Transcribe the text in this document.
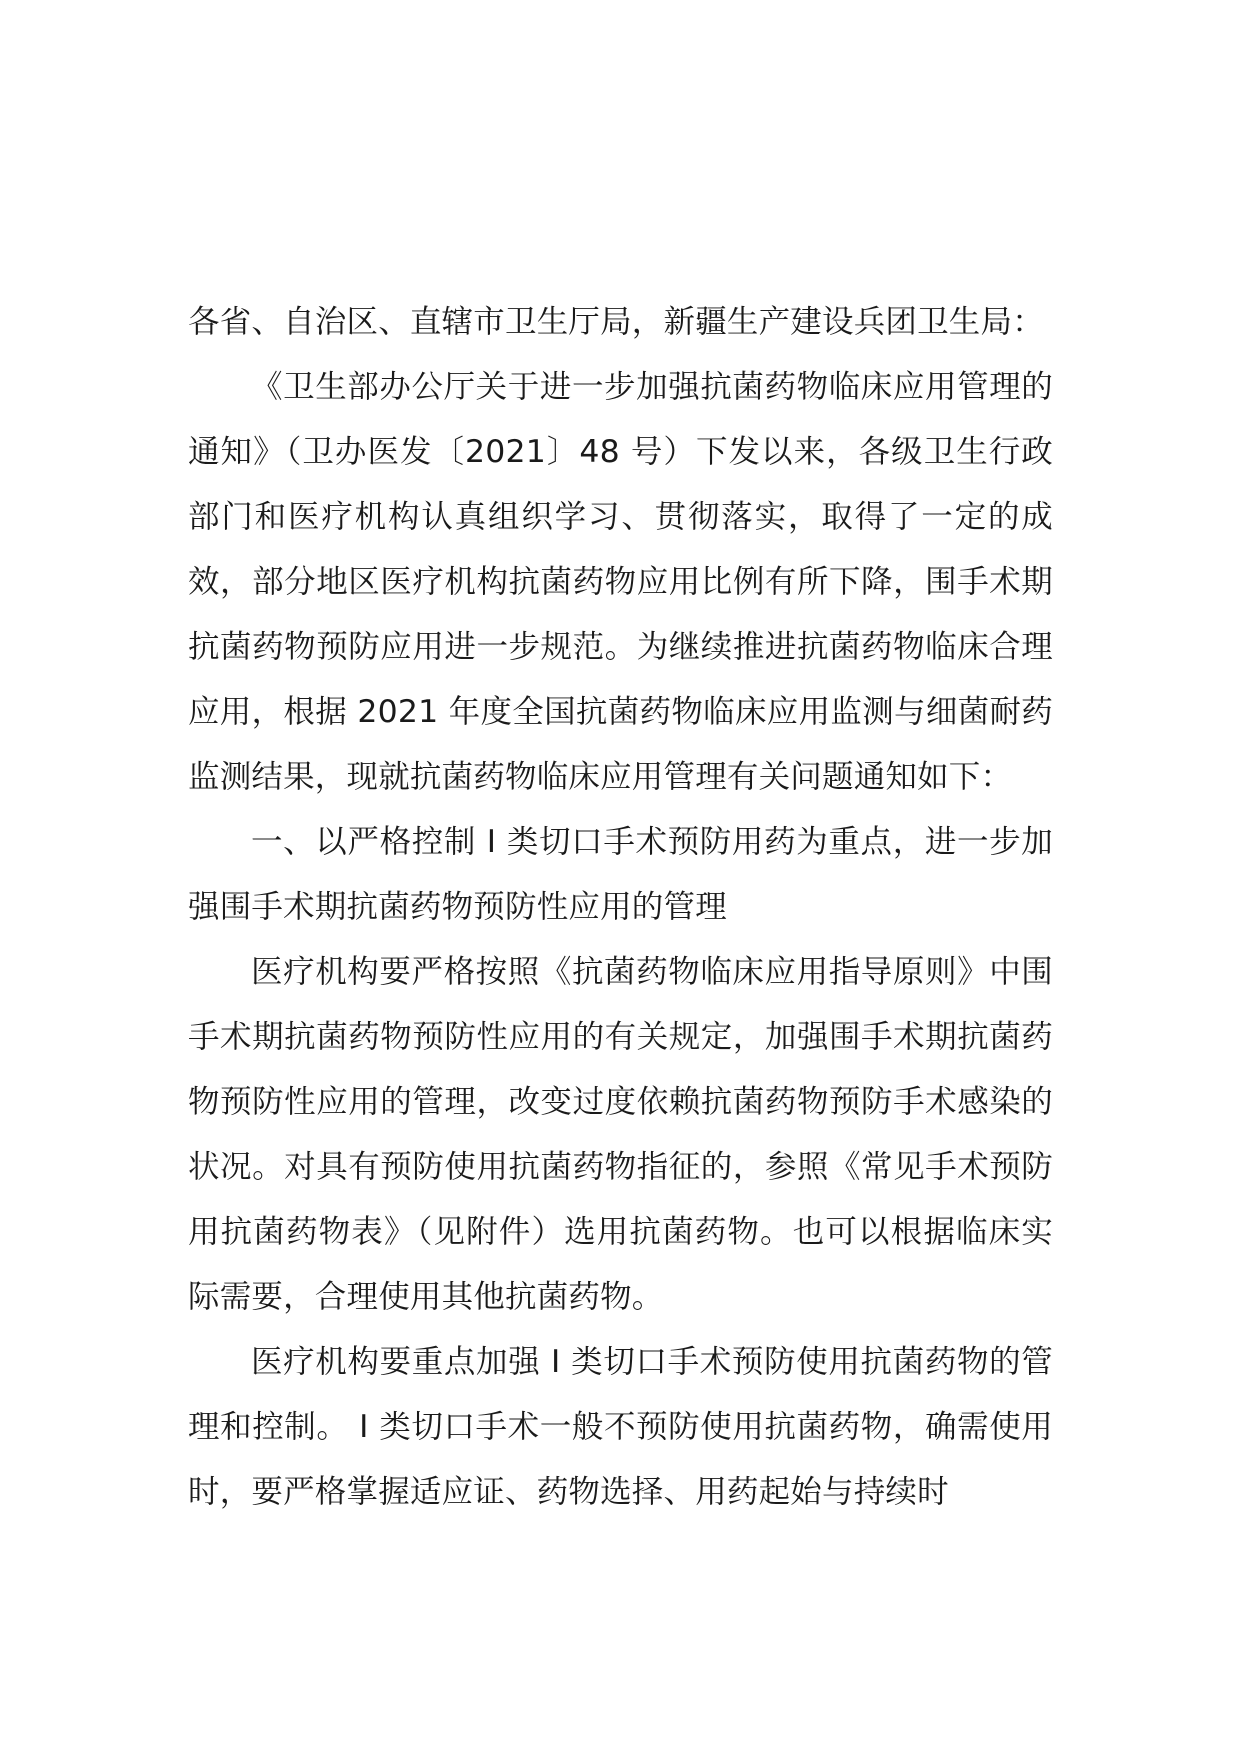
各省、自治区、直辖市卫生厅局，新疆生产建设兵团卫生局：

《卫生部办公厅关于进一步加强抗菌药物临床应用管理的通知》（卫办医发〔2021〕48 号）下发以来，各级卫生行政部门和医疗机构认真组织学习、贯彻落实，取得了一定的成效，部分地区医疗机构抗菌药物应用比例有所下降，围手术期抗菌药物预防应用进一步规范。为继续推进抗菌药物临床合理应用，根据 2021 年度全国抗菌药物临床应用监测与细菌耐药监测结果，现就抗菌药物临床应用管理有关问题通知如下：

一、以严格控制 I 类切口手术预防用药为重点，进一步加强围手术期抗菌药物预防性应用的管理

医疗机构要严格按照《抗菌药物临床应用指导原则》中围手术期抗菌药物预防性应用的有关规定，加强围手术期抗菌药物预防性应用的管理，改变过度依赖抗菌药物预防手术感染的状况。对具有预防使用抗菌药物指征的，参照《常见手术预防用抗菌药物表》（见附件）选用抗菌药物。也可以根据临床实际需要，合理使用其他抗菌药物。

医疗机构要重点加强 I 类切口手术预防使用抗菌药物的管理和控制。 I 类切口手术一般不预防使用抗菌药物，确需使用时，要严格掌握适应证、药物选择、用药起始与持续时
